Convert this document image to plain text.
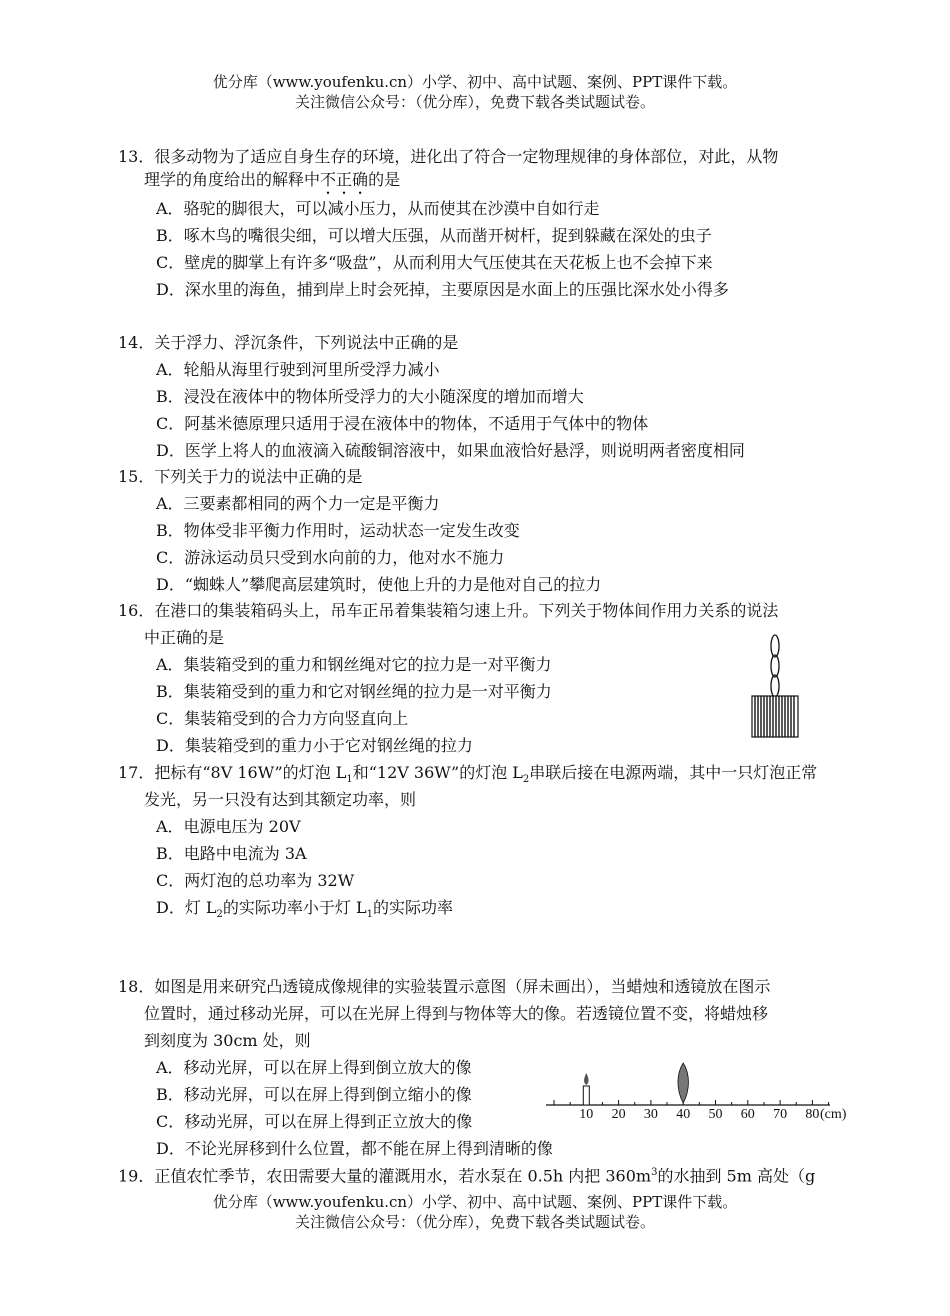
优分库（www.youfenku.cn）小学、初中、高中试题、案例、PPT课件下载。
关注微信公众号：（优分库），免费下载各类试题试卷。
13．很多动物为了适应自身生存的环境，进化出了符合一定物理规律的身体部位，对此，从物
理学的角度给出的解释中不正确的是
A．骆驼的脚很大，可以减小压力，从而使其在沙漠中自如行走
B．啄木鸟的嘴很尖细，可以增大压强，从而凿开树杆，捉到躲藏在深处的虫子
C．壁虎的脚掌上有许多“吸盘”，从而利用大气压使其在天花板上也不会掉下来
D．深水里的海鱼，捕到岸上时会死掉，主要原因是水面上的压强比深水处小得多
14．关于浮力、浮沉条件，下列说法中正确的是
A．轮船从海里行驶到河里所受浮力减小
B．浸没在液体中的物体所受浮力的大小随深度的增加而增大
C．阿基米德原理只适用于浸在液体中的物体，不适用于气体中的物体
D．医学上将人的血液滴入硫酸铜溶液中，如果血液恰好悬浮，则说明两者密度相同
15．下列关于力的说法中正确的是
A．三要素都相同的两个力一定是平衡力
B．物体受非平衡力作用时，运动状态一定发生改变
C．游泳运动员只受到水向前的力，他对水不施力
D．“蜘蛛人”攀爬高层建筑时，使他上升的力是他对自己的拉力
16．在港口的集装箱码头上，吊车正吊着集装箱匀速上升。下列关于物体间作用力关系的说法
中正确的是
A．集装箱受到的重力和钢丝绳对它的拉力是一对平衡力
B．集装箱受到的重力和它对钢丝绳的拉力是一对平衡力
C．集装箱受到的合力方向竖直向上
D．集装箱受到的重力小于它对钢丝绳的拉力
17．把标有“8V 16W”的灯泡 $L_1$和“12V 36W”的灯泡 $L_2$串联后接在电源两端，其中一只灯泡正常
发光，另一只没有达到其额定功率，则
A．电源电压为 20V
B．电路中电流为 3A
C．两灯泡的总功率为 32W
D．灯 $L_2$的实际功率小于灯 $L_1$的实际功率
18．如图是用来研究凸透镜成像规律的实验装置示意图（屏未画出），当蜡烛和透镜放在图示
位置时，通过移动光屏，可以在光屏上得到与物体等大的像。若透镜位置不变，将蜡烛移
到刻度为 30cm 处，则
A．移动光屏，可以在屏上得到倒立放大的像
B．移动光屏，可以在屏上得到倒立缩小的像
C．移动光屏，可以在屏上得到正立放大的像
D．不论光屏移到什么位置，都不能在屏上得到清晰的像
10 20 30 40 50 60 70 80 (cm)
19．正值农忙季节，农田需要大量的灌溉用水，若水泵在 0.5h 内把 $360m^3$的水抽到 5m 高处（g
优分库（www.youfenku.cn）小学、初中、高中试题、案例、PPT课件下载。
关注微信公众号：（优分库），免费下载各类试题试卷。
